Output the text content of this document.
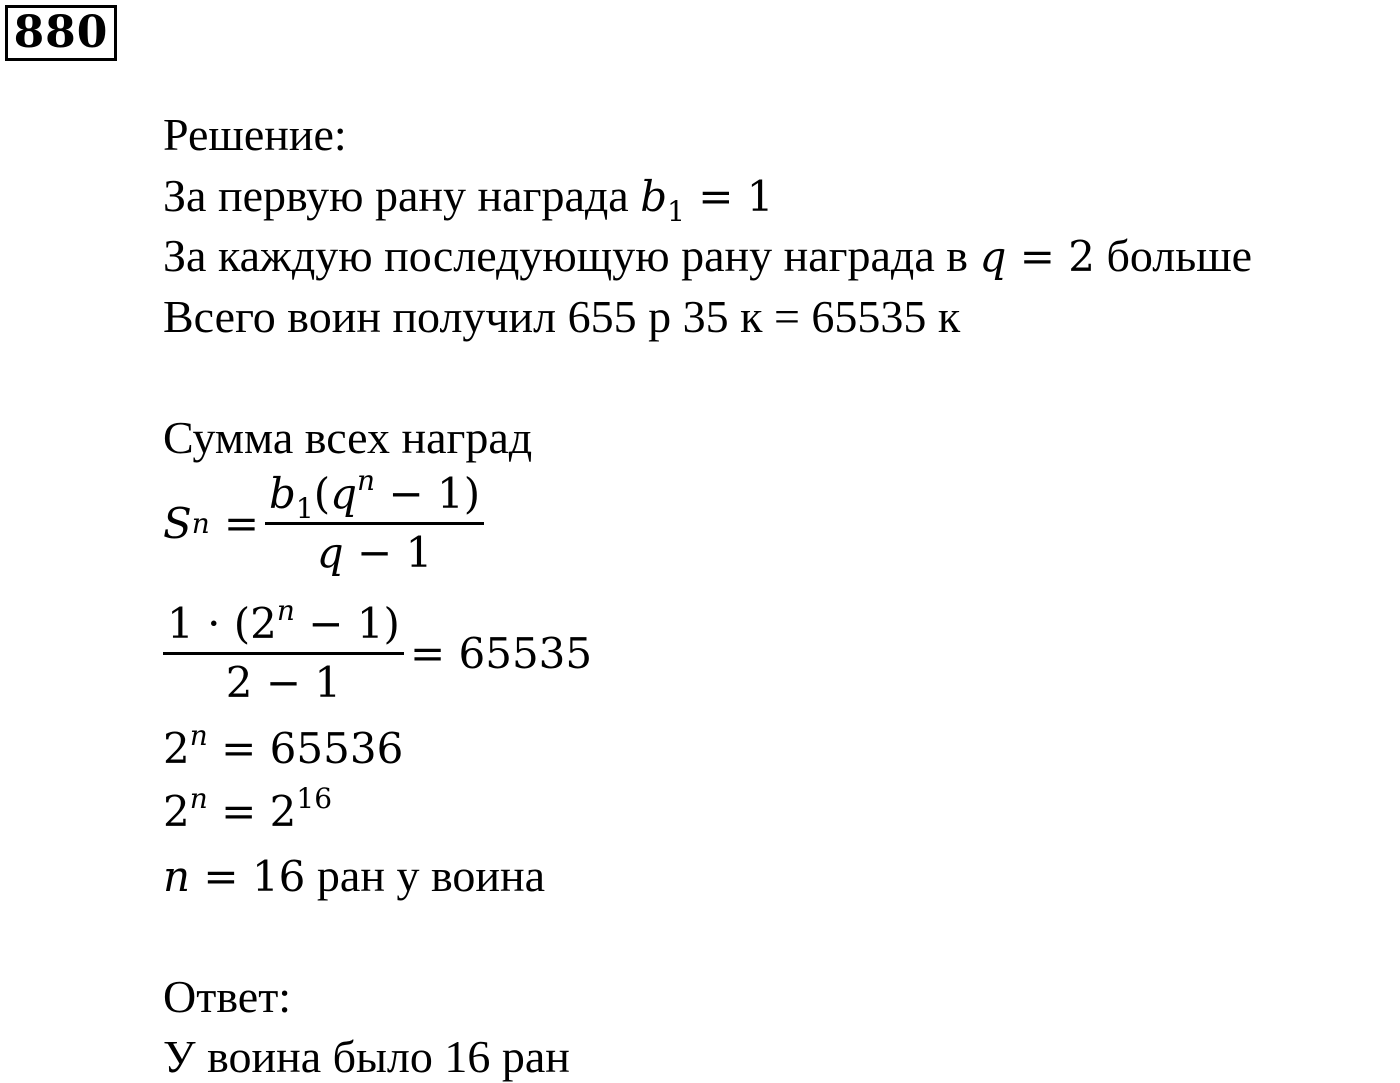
880
Решение:
За первую рану награда $b_1 = 1$
За каждую последующую рану награда в q = 2 больше
Всего воин получил 655 р 35 к = 65535 к
Сумма всех наград
S $n = \frac{b_1(q^n - 1)}{q - 1}$
$\frac{1 \cdot (2^n - 1)}{2 - 1} = 65535$
$2^n = 65536$
$2^n = 2^{16}$
n = 16 ран у воина
Ответ:
У воина было 16 ран
